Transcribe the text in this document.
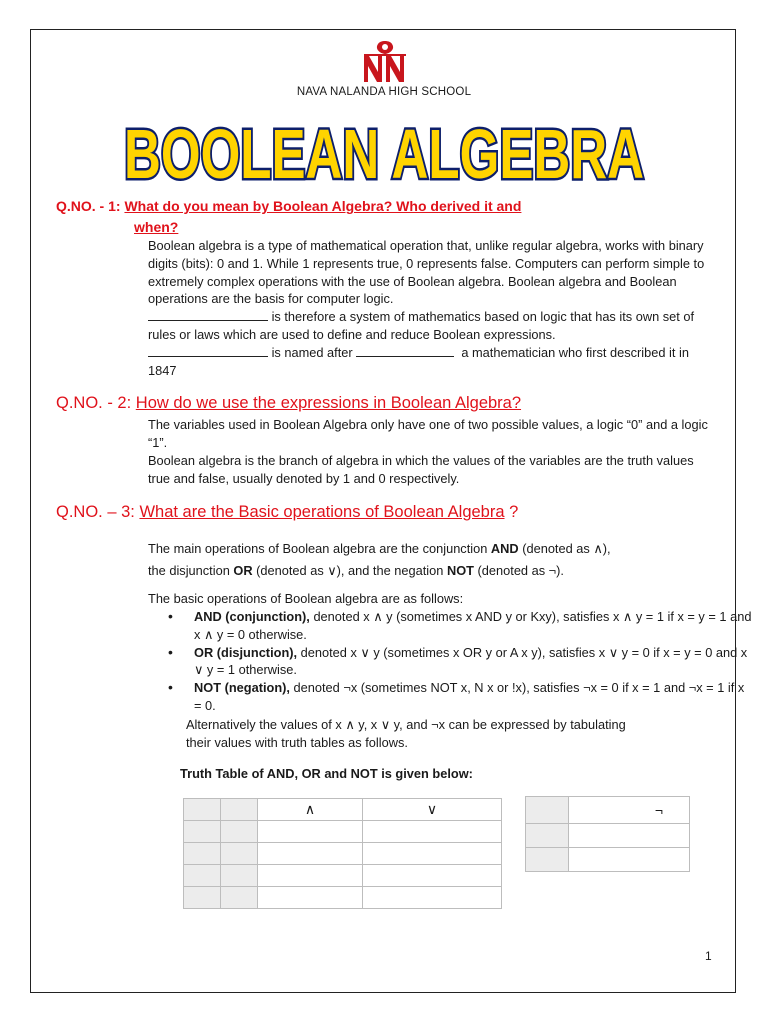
NAVA NALANDA HIGH SCHOOL
BOOLEAN ALGEBRA
Q.NO. - 1: What do you mean by Boolean Algebra? Who derived it and
when?

Boolean algebra is a type of mathematical operation that, unlike regular algebra, works with binary digits (bits): 0 and 1. While 1 represents true, 0 represents false. Computers can perform simple to extremely complex operations with the use of Boolean algebra. Boolean algebra and Boolean operations are the basis for computer logic.

is therefore a system of mathematics based on logic that has its own set of rules or laws which are used to define and reduce Boolean expressions.

is named after	a mathematician who first described it in 1847

Q.NO. - 2: How do we use the expressions in Boolean Algebra?

The variables used in Boolean Algebra only have one of two possible values, a logic “0” and a logic “1”.

Boolean algebra is the branch of algebra in which the values of the variables are the truth values true and false, usually denoted by 1 and 0 respectively.

Q.NO. – 3: What are the Basic operations of Boolean Algebra ?

The main operations of Boolean algebra are the conjunction AND (denoted as ∧),
the disjunction OR (denoted as ∨), and the negation NOT (denoted as ¬).

The basic operations of Boolean algebra are as follows:

• AND (conjunction), denoted x ∧ y (sometimes x AND y or Kxy), satisfies x ∧ y = 1 if x = y = 1 and x ∧ y = 0 otherwise.
• OR (disjunction), denoted x ∨ y (sometimes x OR y or A x y), satisfies x ∨ y = 0 if x = y = 0 and x ∨ y = 1 otherwise.
• NOT (negation), denoted ¬x (sometimes NOT x, N x or !x), satisfies ¬x = 0 if x = 1 and ¬x = 1 if x = 0.

Alternatively the values of x ∧ y, x ∨ y, and ¬x can be expressed by tabulating their values with truth tables as follows.

Truth Table of AND, OR and NOT is given below:
		∧	∨

		¬

1
